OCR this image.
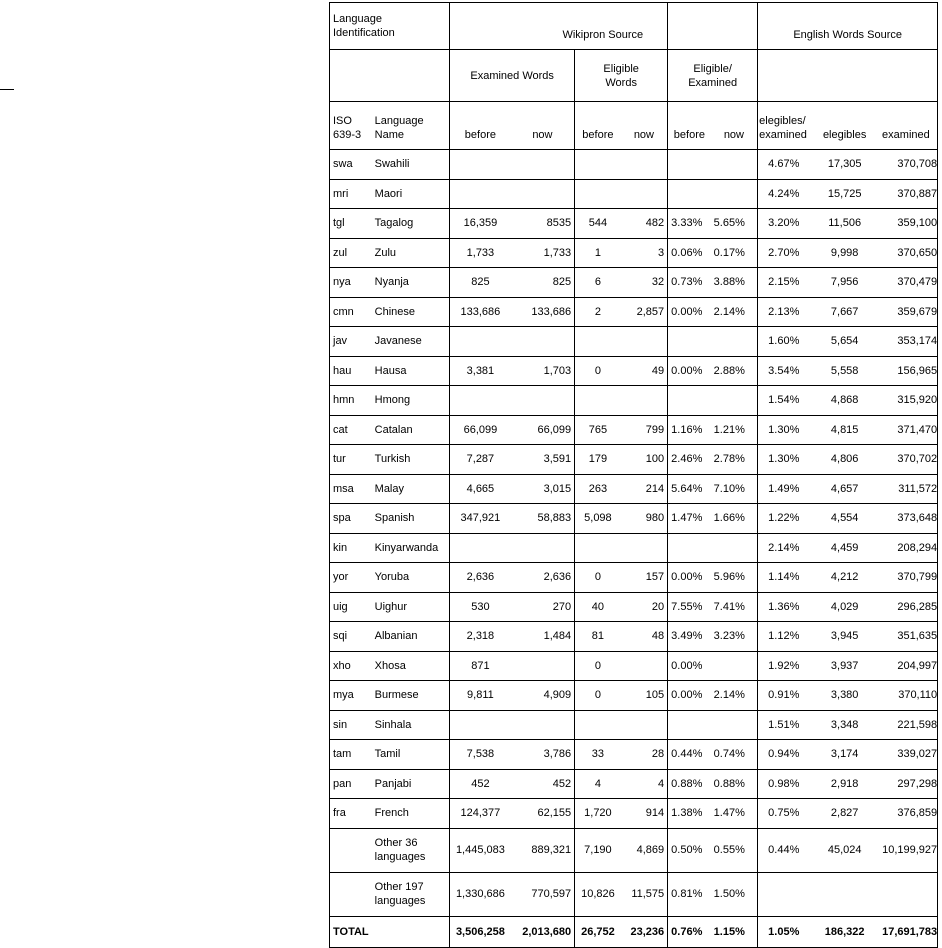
Language Identification		Wikipron Source						English Words Source		
		Examined Words		Eligible Words		Eligible/ Examined				
ISO 639-3	Language Name	before	now	before	now	before	now	elegibles/ examined	elegibles	examined
swa	Swahili							4.67%	17,305	370,708
mri	Maori							4.24%	15,725	370,887
tgl	Tagalog	16,359	8535	544	482	3.33%	5.65%	3.20%	11,506	359,100
zul	Zulu	1,733	1,733	1	3	0.06%	0.17%	2.70%	9,998	370,650
nya	Nyanja	825	825	6	32	0.73%	3.88%	2.15%	7,956	370,479
cmn	Chinese	133,686	133,686	2	2,857	0.00%	2.14%	2.13%	7,667	359,679
jav	Javanese							1.60%	5,654	353,174
hau	Hausa	3,381	1,703	0	49	0.00%	2.88%	3.54%	5,558	156,965
hmn	Hmong							1.54%	4,868	315,920
cat	Catalan	66,099	66,099	765	799	1.16%	1.21%	1.30%	4,815	371,470
tur	Turkish	7,287	3,591	179	100	2.46%	2.78%	1.30%	4,806	370,702
msa	Malay	4,665	3,015	263	214	5.64%	7.10%	1.49%	4,657	311,572
spa	Spanish	347,921	58,883	5,098	980	1.47%	1.66%	1.22%	4,554	373,648
kin	Kinyarwanda							2.14%	4,459	208,294
yor	Yoruba	2,636	2,636	0	157	0.00%	5.96%	1.14%	4,212	370,799
uig	Uighur	530	270	40	20	7.55%	7.41%	1.36%	4,029	296,285
sqi	Albanian	2,318	1,484	81	48	3.49%	3.23%	1.12%	3,945	351,635
xho	Xhosa	871		0		0.00%		1.92%	3,937	204,997
mya	Burmese	9,811	4,909	0	105	0.00%	2.14%	0.91%	3,380	370,110
sin	Sinhala							1.51%	3,348	221,598
tam	Tamil	7,538	3,786	33	28	0.44%	0.74%	0.94%	3,174	339,027
pan	Panjabi	452	452	4	4	0.88%	0.88%	0.98%	2,918	297,298
fra	French	124,377	62,155	1,720	914	1.38%	1.47%	0.75%	2,827	376,859
	Other 36 languages	1,445,083	889,321	7,190	4,869	0.50%	0.55%	0.44%	45,024	10,199,927
	Other 197 languages	1,330,686	770,597	10,826	11,575	0.81%	1.50%			
TOTAL		3,506,258	2,013,680	26,752	23,236	0.76%	1.15%	1.05%	186,322	17,691,783
